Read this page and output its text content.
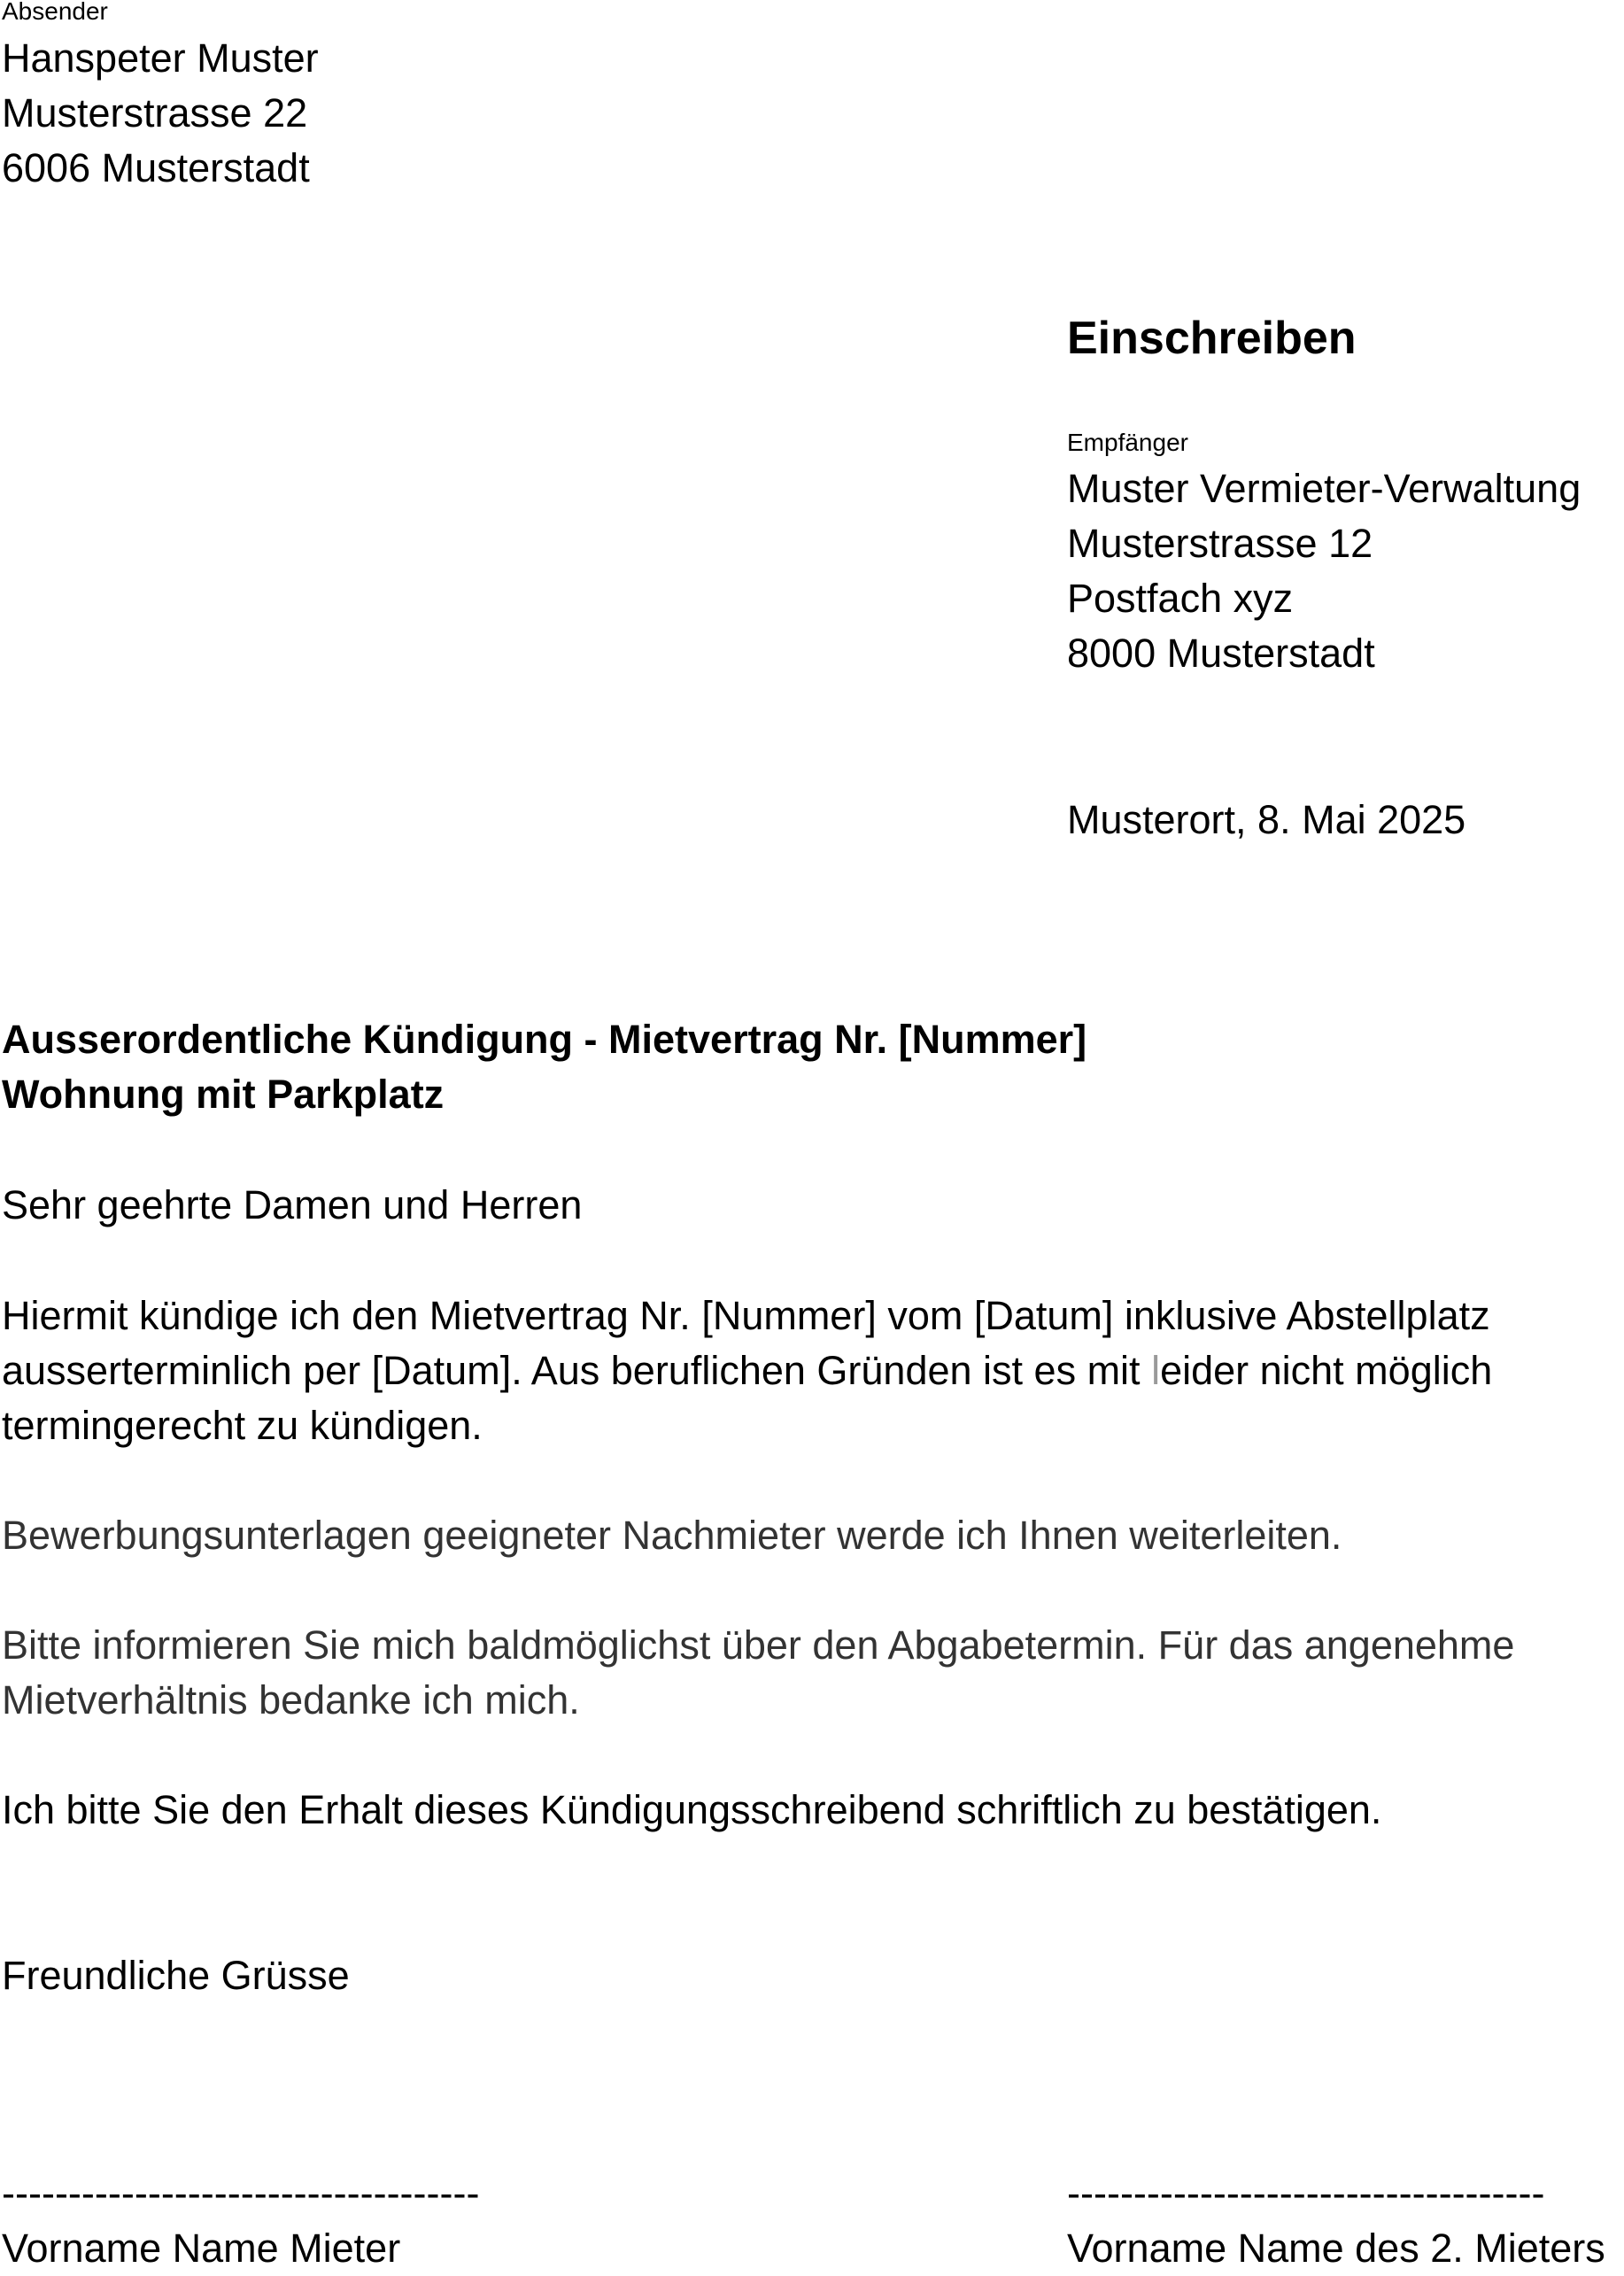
Absender
Hanspeter Muster
Musterstrasse 22
6006 Musterstadt
Einschreiben
Empfänger
Muster Vermieter-Verwaltung
Musterstrasse 12
Postfach xyz
8000 Musterstadt
Musterort, 8. Mai 2025
Ausserordentliche Kündigung - Mietvertrag Nr. [Nummer]
Wohnung mit Parkplatz
Sehr geehrte Damen und Herren
Hiermit kündige ich den Mietvertrag Nr. [Nummer] vom [Datum] inklusive Abstellplatz
ausserterminlich per [Datum]. Aus beruflichen Gründen ist es mit leider nicht möglich
termingerecht zu kündigen.
Bewerbungsunterlagen geeigneter Nachmieter werde ich Ihnen weiterleiten.
Bitte informieren Sie mich baldmöglichst über den Abgabetermin. Für das angenehme
Mietverhältnis bedanke ich mich.
Ich bitte Sie den Erhalt dieses Kündigungsschreibend schriftlich zu bestätigen.
Freundliche Grüsse
------------------------------------
Vorname Name Mieter
------------------------------------
Vorname Name des 2. Mieters
